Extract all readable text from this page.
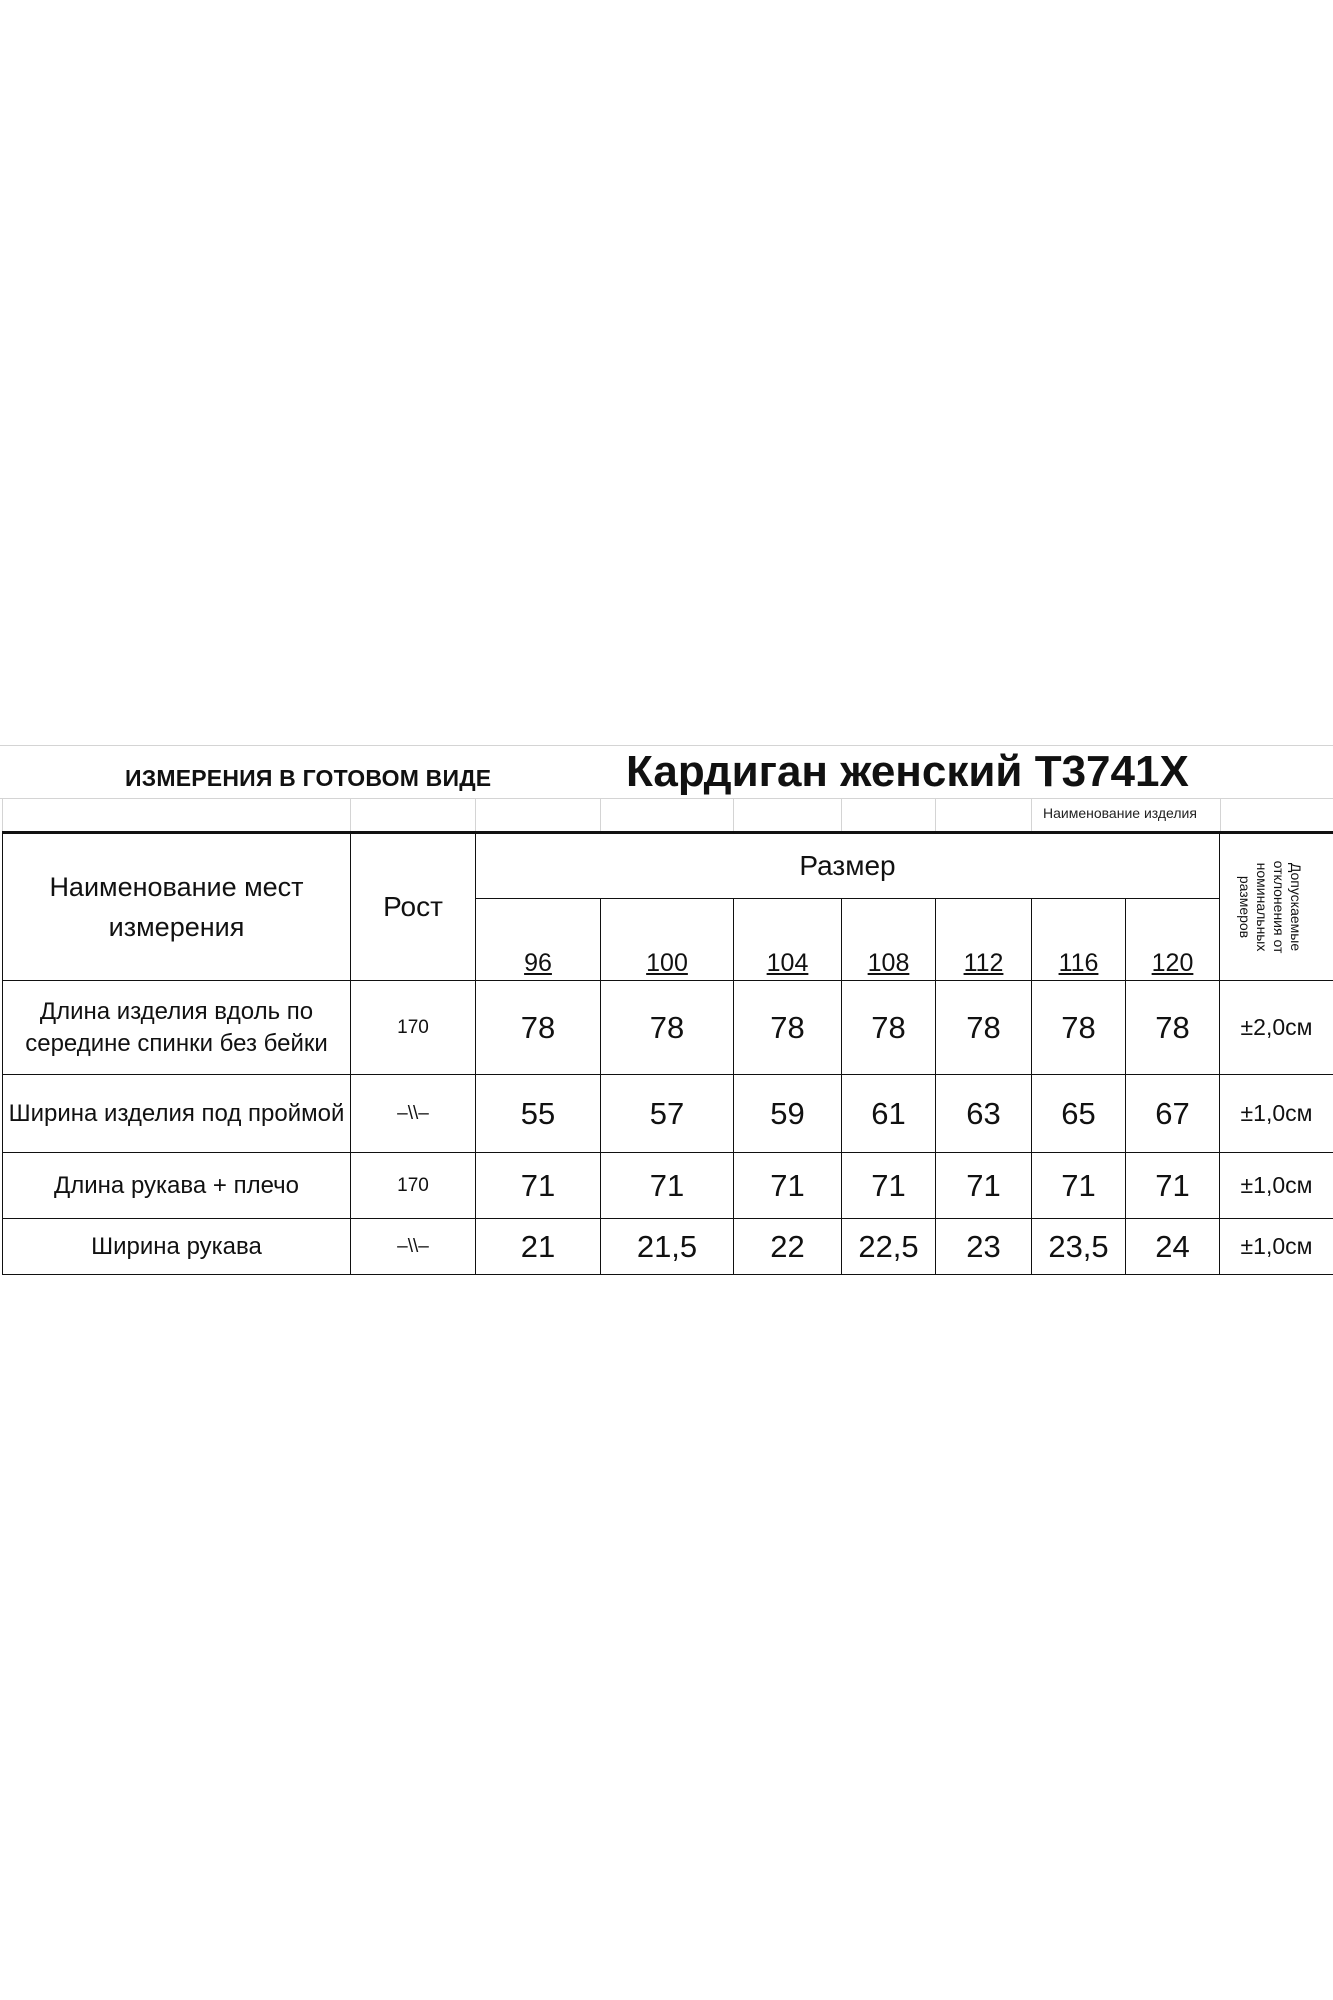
ИЗМЕРЕНИЯ В ГОТОВОМ ВИДЕ	Кардиган женский Т3741Х
Наименование изделия
Наименование мест измерения	Рост	Размер							Допускаемые отклонения от номинальных размеров

		96	100	104	108	112	116	120	
Длина изделия вдоль по середине спинки без бейки	170	78	78	78	78	78	78	78	±2,0см
Ширина изделия под проймой	–\\–	55	57	59	61	63	65	67	±1,0см
Длина рукава + плечо	170	71	71	71	71	71	71	71	±1,0см
Ширина рукава	–\\–	21	21,5	22	22,5	23	23,5	24	±1,0см
